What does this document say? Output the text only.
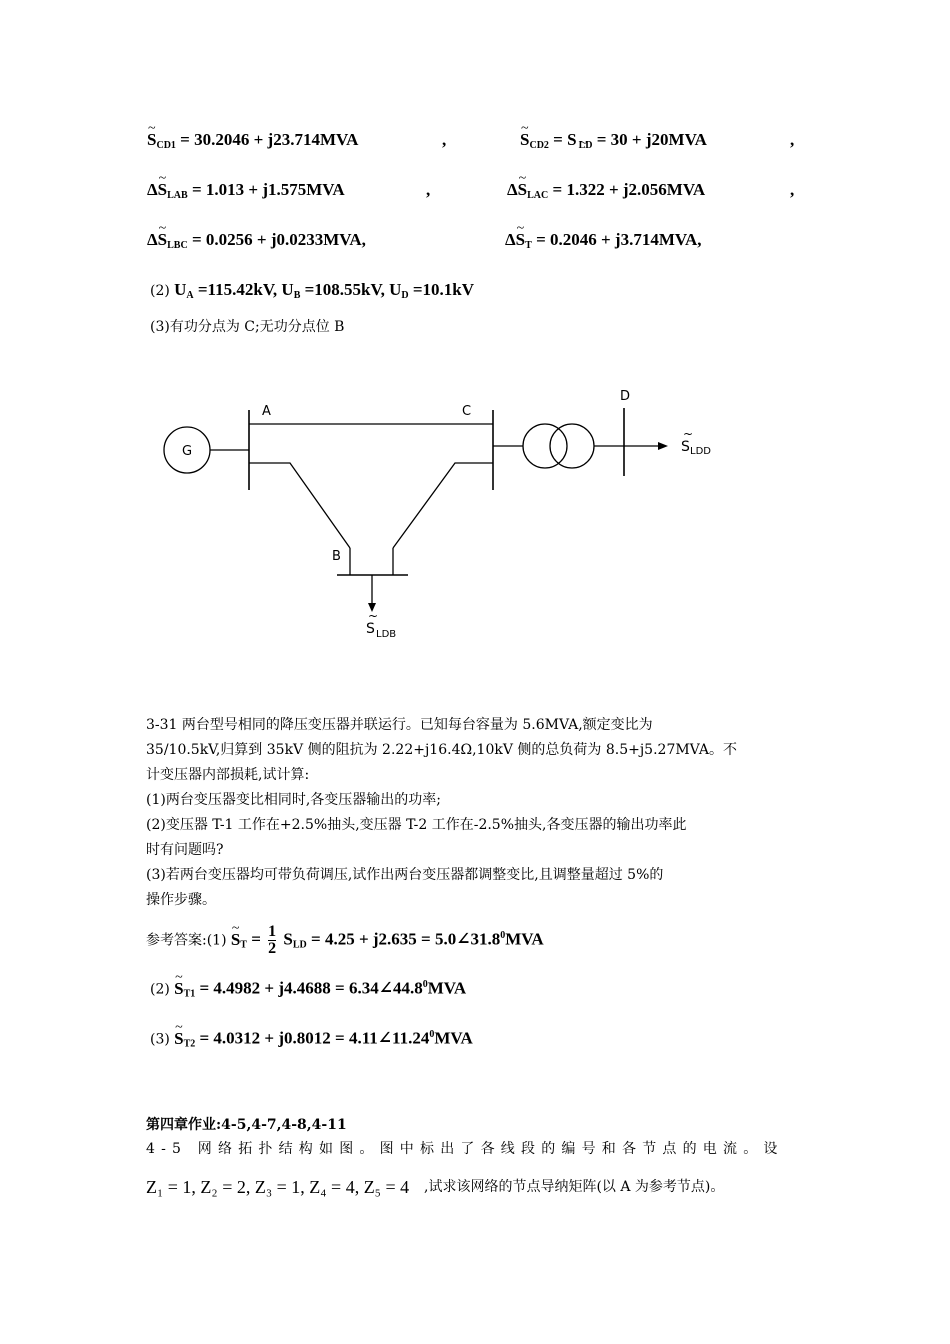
~ $S_{CD1} = 30.2046 + j23.714MVA$	,	~ $S_{CD2} = S$ $_{LD}$ = 30 + j20MVA	,
Δ~ $S_{LAB} = 1.013 + j1.575MVA$	,	Δ~ $S_{LAC} = 1.322 + j2.056MVA$	,
Δ~ $S_{LBC} = 0.0256 + j0.0233MVA$,	Δ~ $S_T = 0.2046 + j3.714MVA$,
(2) $U_A =115.42kV$, $U_B =108.55kV$, $U_D =10.1kV$
(3)有功分点为 C;无功分点位 B
G
A	C
B
S
~
LDB
D
S
~
LDD
3-31 两台型号相同的降压变压器并联运行。已知每台容量为 5.6MVA,额定变比为
35/10.5kV,归算到 35kV 侧的阻抗为 2.22+j16.4Ω,10kV 侧的总负荷为 8.5+j5.27MVA。不
计变压器内部损耗,试计算:
(1)两台变压器变比相同时,各变压器输出的功率;
(2)变压器 T-1 工作在+2.5%抽头,变压器 T-2 工作在-2.5%抽头,各变压器的输出功率此
时有问题吗?
(3)若两台变压器均可带负荷调压,试作出两台变压器都调整变比,且调整量超过 5%的
操作步骤。
参考答案:(1) ~ $S_T = \frac{1}{2} S_{LD} = 4.25 + j2.635$ = $5.0\angle 31.8^0MVA$
(2) ~ $S_{T1} = 4.4982 + j4.4688$ = $6.34\angle 44.8^0MVA$
(3) ~ $S_{T2} = 4.0312 + j0.8012$ = $4.11\angle 11.24^0MVA$
第四章作业:4-5,4-7,4-8,4-11
4-5 网络拓扑结构如图。图中标出了各线段的编号和各节点的电流。设
Z₁ = 1, Z₂ = 2, Z₃ = 1, Z₄ = 4, Z₅ = 4 ,试求该网络的节点导纳矩阵(以 A 为参考节点)。
